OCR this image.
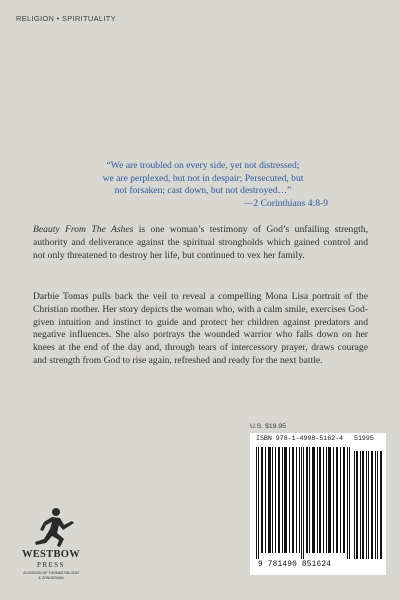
RELIGION • SPIRITUALITY
“We are troubled on every side, yet not distressed;
we are perplexed, but not in despair; Persecuted, but
not forsaken; cast down, but not destroyed…”
—2 Corinthians 4:8-9
Beauty From The Ashes is one woman’s testimony of God’s unfailing strength, authority and deliverance against the spiritual strongholds which gained control and not only threatened to destroy her life, but continued to vex her family.
Darbie Tomas pulls back the veil to reveal a compelling Mona Lisa portrait of the Christian mother. Her story depicts the woman who, with a calm smile, exercises God-given intuition and instinct to guide and protect her children against predators and negative influences. She also portrays the wounded warrior who falls down on her knees at the end of the day and, through tears of intercessory prayer, draws courage and strength from God to rise again, refreshed and ready for the next battle.
U.S. $19.95
ISBN 978-1-4908-5162-4 51995
9 781490 851624
WESTBOW
PRESS
A DIVISION OF THOMAS NELSON
& ZONDERVAN
